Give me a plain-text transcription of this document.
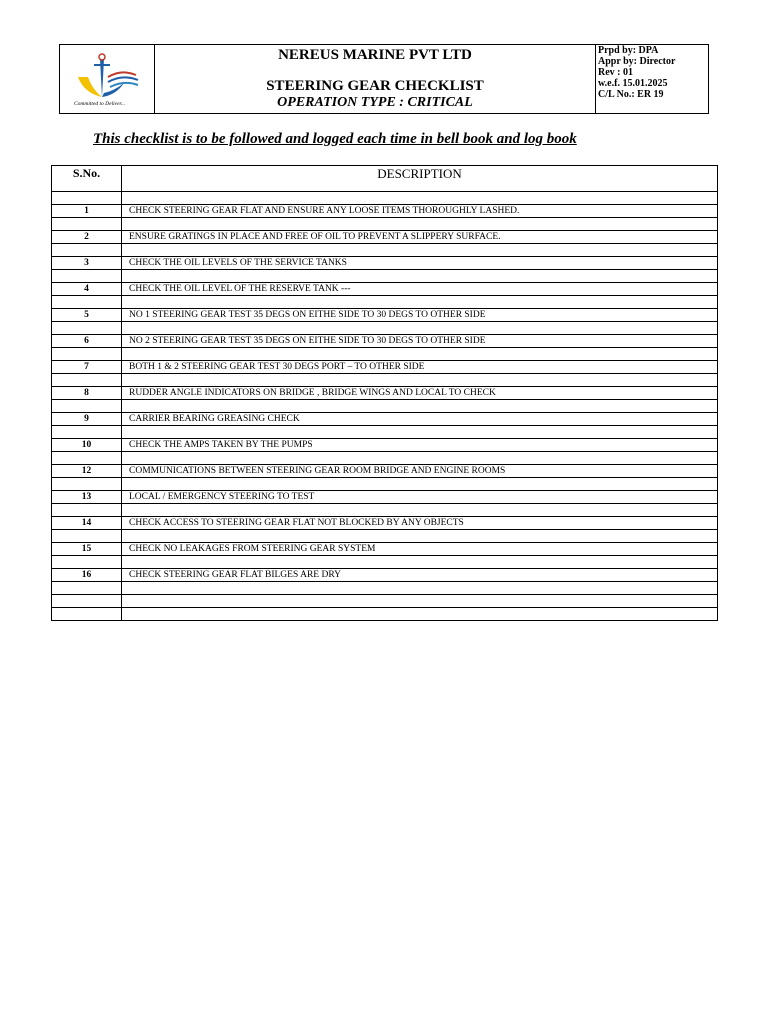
Committed to Deliver...
NEREUS MARINE PVT LTD
STEERING GEAR CHECKLIST
OPERATION TYPE : CRITICAL
Prpd by: DPA
Appr by: Director
Rev : 01
w.e.f. 15.01.2025
C/L No.: ER 19
This checklist is to be followed and logged each time in bell book and log book
S.No.	DESCRIPTION

1	CHECK STEERING GEAR FLAT AND ENSURE ANY LOOSE ITEMS THOROUGHLY LASHED.

2	ENSURE GRATINGS IN PLACE AND FREE OF OIL TO PREVENT A SLIPPERY SURFACE.

3	CHECK THE OIL LEVELS OF THE SERVICE TANKS

4	CHECK THE OIL LEVEL OF THE RESERVE TANK ---

5	NO 1 STEERING GEAR TEST 35 DEGS ON EITHE SIDE TO 30 DEGS TO OTHER SIDE

6	NO 2 STEERING GEAR TEST 35 DEGS ON EITHE SIDE TO 30 DEGS TO OTHER SIDE

7	BOTH 1 & 2 STEERING GEAR TEST 30 DEGS PORT – TO OTHER SIDE

8	RUDDER ANGLE INDICATORS ON BRIDGE , BRIDGE WINGS AND LOCAL TO CHECK

9	CARRIER BEARING GREASING CHECK

10	CHECK THE AMPS TAKEN BY THE PUMPS

12	COMMUNICATIONS BETWEEN STEERING GEAR ROOM BRIDGE AND ENGINE ROOMS

13	LOCAL / EMERGENCY STEERING TO TEST

14	CHECK ACCESS TO STEERING GEAR FLAT NOT BLOCKED BY ANY OBJECTS

15	CHECK NO LEAKAGES FROM STEERING GEAR SYSTEM

16	CHECK STEERING GEAR FLAT BILGES ARE DRY
